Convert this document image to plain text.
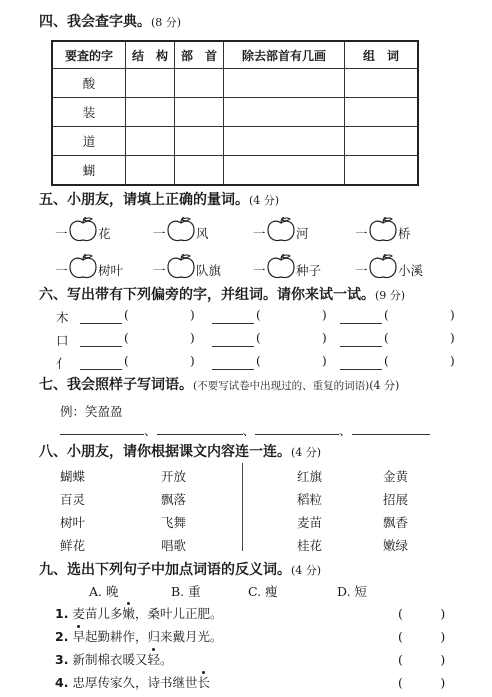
四、我会查字典。(8 分)
要查的字	结　构	部　首	除去部首有几画	组　词
酸				
装				
道				
蝴				
五、小朋友，请填上正确的量词。(4 分)
一 花	一 风	一 河	一 桥
一 树叶 一 队旗	一 种子	一 小溪
六、写出带有下列偏旁的字，并组词。请你来试一试。(9 分)
木	(	)	(	)	(	)
口	(	)	(	)	(	)
亻	(	)	(	)	(	)
七、我会照样子写词语。(不要写试卷中出现过的、重复的词语)(4 分)
例：笑盈盈
、	、	、
八、小朋友，请你根据课文内容连一连。(4 分)
蝴蝶
百灵
树叶
鲜花
开放
飘落
飞舞
唱歌
红旗
稻粒
麦苗
桂花
金黄
招展
飘香
嫩绿
九、选出下列句子中加点词语的反义词。(4 分)
A. 晚	B. 重	C. 瘦	D. 短
1. 麦苗儿多嫩，桑叶儿正肥。	(　　　)
2. 早起勤耕作，归来戴月光。	(　　　)
3. 新制棉衣暖又轻。	(　　　)
4. 忠厚传家久，诗书继世长	(　　　)
